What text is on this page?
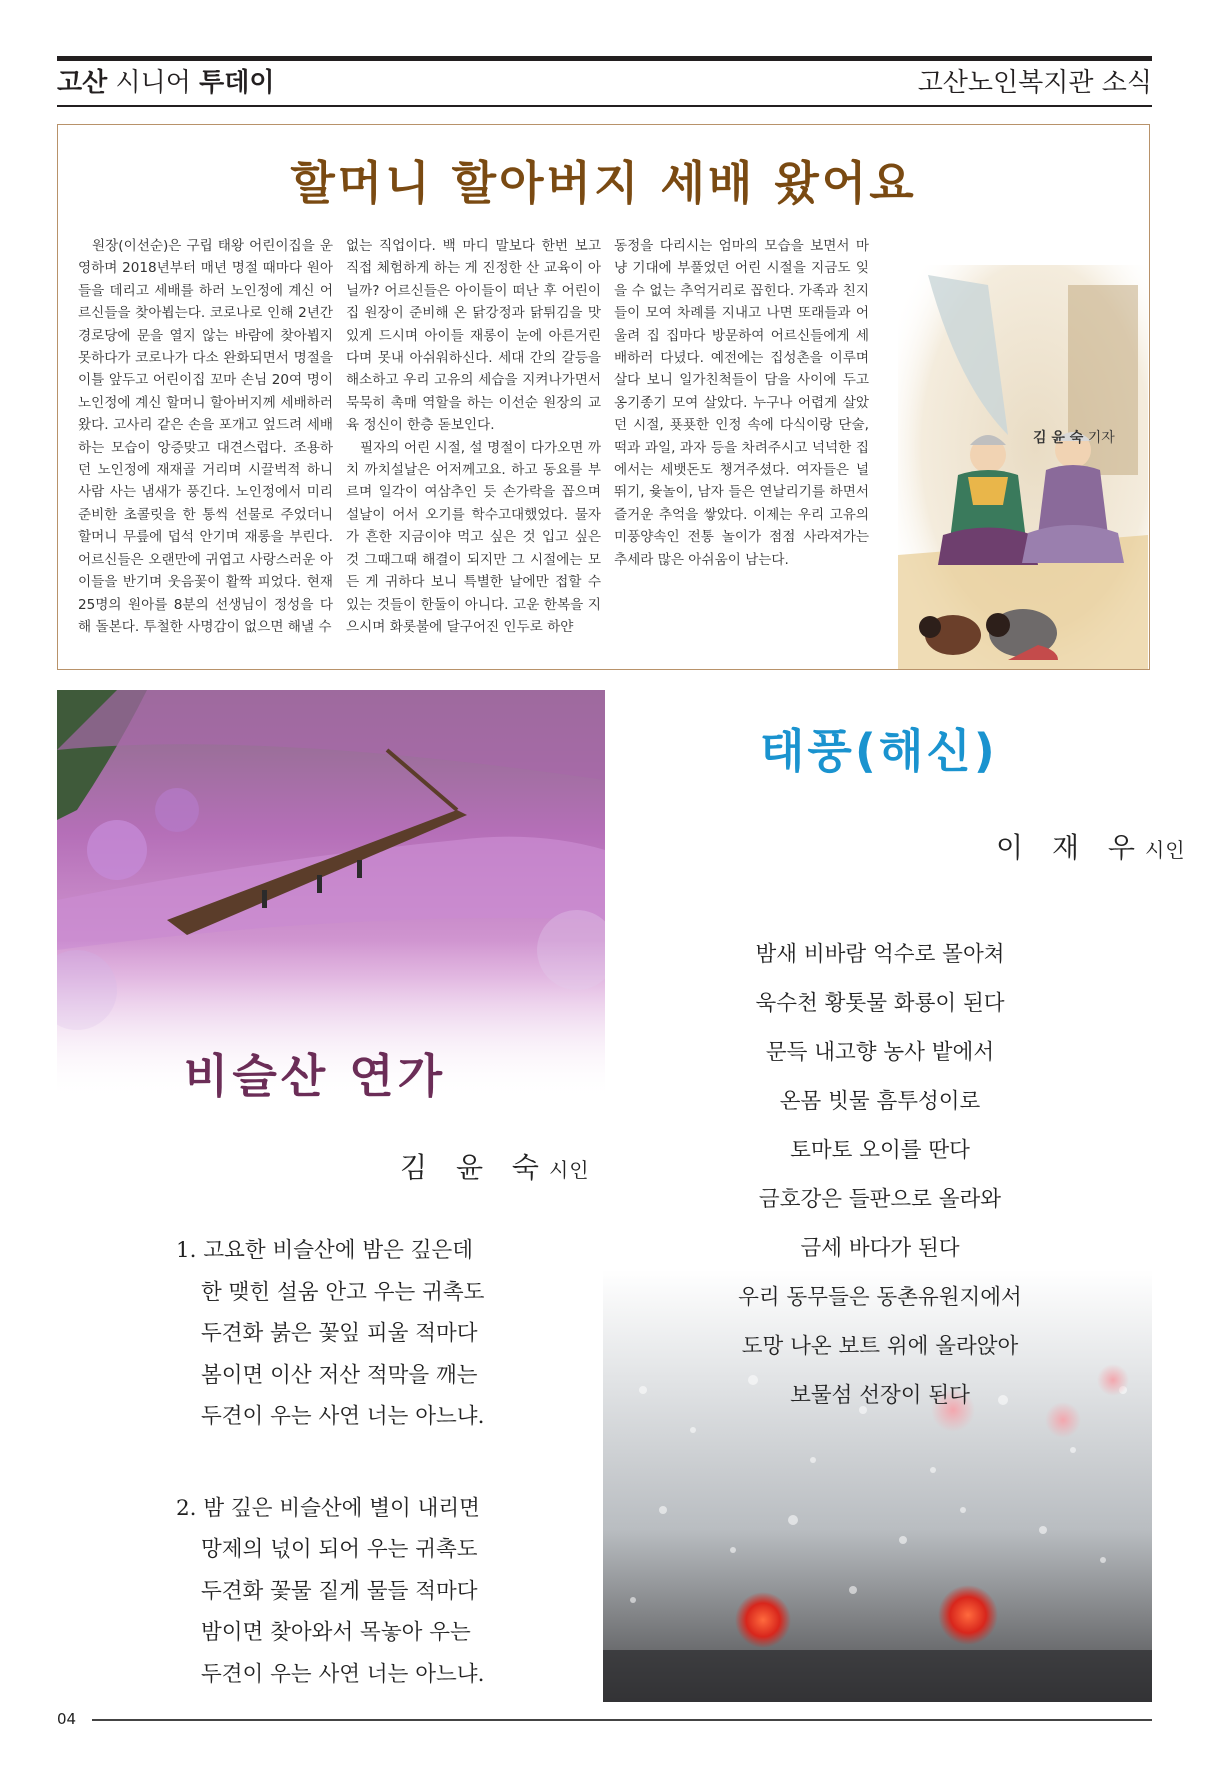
고산 시니어 투데이	고산노인복지관 소식
할머니 할아버지 세배 왔어요

원장(이선순)은 구립 태왕 어린이집을 운영하며 2018년부터 매년 명절 때마다 원아들을 데리고 세배를 하러 노인정에 계신 어르신들을 찾아뵙는다. 코로나로 인해 2년간 경로당에 문을 열지 않는 바람에 찾아뵙지 못하다가 코로나가 다소 완화되면서 명절을 이틀 앞두고 어린이집 꼬마 손님 20여 명이 노인정에 계신 할머니 할아버지께 세배하러 왔다. 고사리 같은 손을 포개고 엎드려 세배하는 모습이 앙증맞고 대견스럽다. 조용하던 노인정에 재재골 거리며 시끌벅적 하니 사람 사는 냄새가 풍긴다. 노인정에서 미리 준비한 초콜릿을 한 통씩 선물로 주었더니 할머니 무릎에 덥석 안기며 재롱을 부린다. 어르신들은 오랜만에 귀엽고 사랑스러운 아이들을 반기며 웃음꽃이 활짝 피었다. 현재 25명의 원아를 8분의 선생님이 정성을 다해 돌본다. 투철한 사명감이 없으면 해낼 수

없는 직업이다. 백 마디 말보다 한번 보고 직접 체험하게 하는 게 진정한 산 교육이 아닐까? 어르신들은 아이들이 떠난 후 어린이집 원장이 준비해 온 닭강정과 닭튀김을 맛있게 드시며 아이들 재롱이 눈에 아른거린다며 못내 아쉬워하신다. 세대 간의 갈등을 해소하고 우리 고유의 세습을 지켜나가면서 묵묵히 촉매 역할을 하는 이선순 원장의 교육 정신이 한층 돋보인다.

필자의 어린 시절, 설 명절이 다가오면 까치 까치설날은 어저께고요. 하고 동요를 부르며 일각이 여삼추인 듯 손가락을 꼽으며 설날이 어서 오기를 학수고대했었다. 물자가 흔한 지금이야 먹고 싶은 것 입고 싶은 것 그때그때 해결이 되지만 그 시절에는 모든 게 귀하다 보니 특별한 날에만 접할 수 있는 것들이 한둘이 아니다. 고운 한복을 지으시며 화롯불에 달구어진 인두로 하얀

동정을 다리시는 엄마의 모습을 보면서 마냥 기대에 부풀었던 어린 시절을 지금도 잊을 수 없는 추억거리로 꼽힌다. 가족과 친지들이 모여 차례를 지내고 나면 또래들과 어울려 집 집마다 방문하여 어르신들에게 세배하러 다녔다. 예전에는 집성촌을 이루며 살다 보니 일가친척들이 담을 사이에 두고 옹기종기 모여 살았다. 누구나 어렵게 살았던 시절, 푯푯한 인정 속에 다식이랑 단술, 떡과 과일, 과자 등을 차려주시고 넉넉한 집에서는 세뱃돈도 챙겨주셨다. 여자들은 널뛰기, 윷놀이, 남자 들은 연날리기를 하면서 즐거운 추억을 쌓았다. 이제는 우리 고유의 미풍양속인 전통 놀이가 점점 사라져가는 추세라 많은 아쉬움이 남는다.

김 윤 숙 기자
비슬산 연가
김 윤 숙시인
1. 고요한 비슬산에 밤은 깊은데
한 맺힌 설움 안고 우는 귀촉도
두견화 붉은 꽃잎 피울 적마다
봄이면 이산 저산 적막을 깨는
두견이 우는 사연 너는 아느냐.
2. 밤 깊은 비슬산에 별이 내리면
망제의 넋이 되어 우는 귀촉도
두견화 꽃물 짙게 물들 적마다
밤이면 찾아와서 목놓아 우는
두견이 우는 사연 너는 아느냐.
태풍(해신)
이 재 우시인
밤새 비바람 억수로 몰아쳐
욱수천 황톳물 화룡이 된다
문득 내고향 농사 밭에서
온몸 빗물 흠투성이로
토마토 오이를 딴다
금호강은 들판으로 올라와
금세 바다가 된다
우리 동무들은 동촌유원지에서
도망 나온 보트 위에 올라앉아
보물섬 선장이 된다
04
